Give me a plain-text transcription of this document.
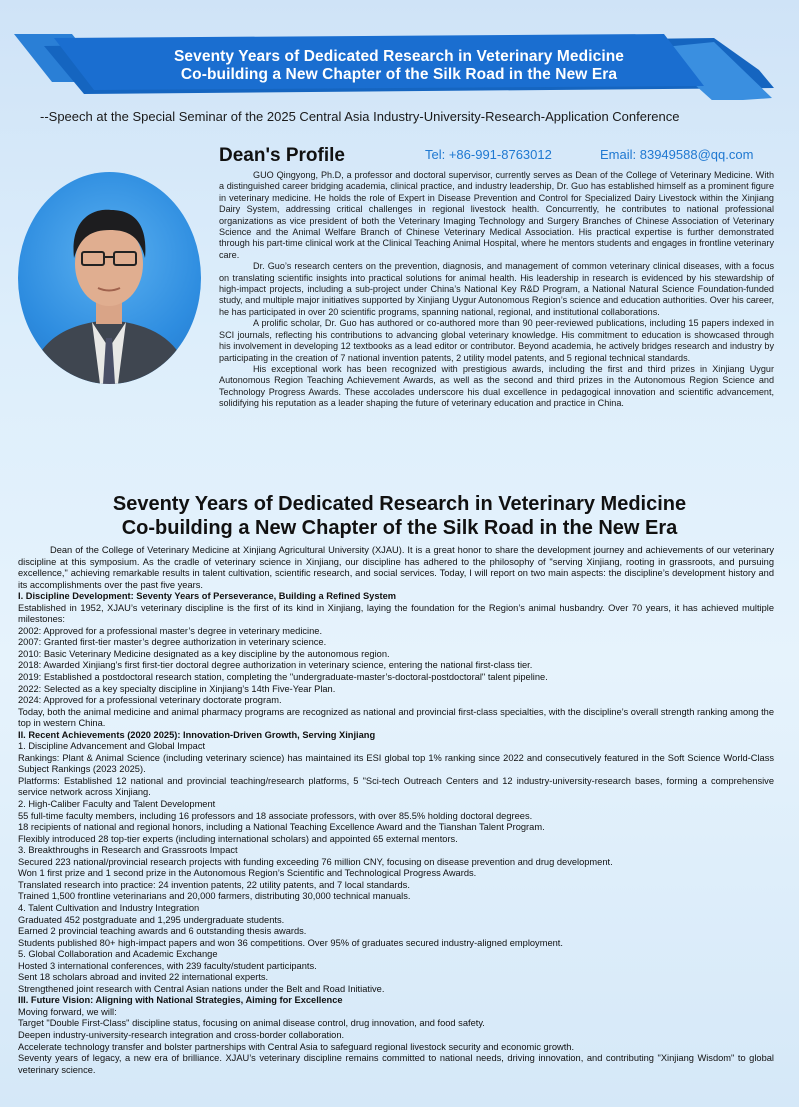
Seventy Years of Dedicated Research in Veterinary Medicine
Co-building a New Chapter of the Silk Road in the New Era
--Speech at the Special Seminar of the 2025 Central Asia Industry-University-Research-Application Conference
Dean's Profile	Tel: +86-991-8763012	Email: 83949588@qq.com

GUO Qingyong, Ph.D, a professor and doctoral supervisor, currently serves as Dean of the College of Veterinary Medicine. With a distinguished career bridging academia, clinical practice, and industry leadership, Dr. Guo has established himself as a prominent figure in veterinary medicine. He holds the role of Expert in Disease Prevention and Control for Specialized Dairy Livestock within the Xinjiang Dairy System, addressing critical challenges in regional livestock health. Concurrently, he contributes to national professional organizations as vice president of both the Veterinary Imaging Technology and Surgery Branches of Chinese Association of Veterinary Science and the Animal Welfare Branch of Chinese Veterinary Medical Association. His practical expertise is further demonstrated through his part-time clinical work at the Clinical Teaching Animal Hospital, where he mentors students and engages in frontline veterinary care.

Dr. Guo’s research centers on the prevention, diagnosis, and management of common veterinary clinical diseases, with a focus on translating scientific insights into practical solutions for animal health. His leadership in research is evidenced by his stewardship of high-impact projects, including a sub-project under China’s National Key R&D Program, a National Natural Science Foundation-funded study, and multiple major initiatives supported by Xinjiang Uygur Autonomous Region’s science and education authorities. Over his career, he has participated in over 20 scientific programs, spanning national, regional, and institutional collaborations.

A prolific scholar, Dr. Guo has authored or co-authored more than 90 peer-reviewed publications, including 15 papers indexed in SCI journals, reflecting his contributions to advancing global veterinary knowledge. His commitment to education is showcased through his involvement in developing 12 textbooks as a lead editor or contributor. Beyond academia, he actively bridges research and industry by participating in the creation of 7 national invention patents, 2 utility model patents, and 5 regional technical standards.

His exceptional work has been recognized with prestigious awards, including the first and third prizes in Xinjiang Uygur Autonomous Region Teaching Achievement Awards, as well as the second and third prizes in the Autonomous Region Science and Technology Progress Awards. These accolades underscore his dual excellence in pedagogical innovation and scientific advancement, solidifying his reputation as a leader shaping the future of veterinary education and practice in China.

Seventy Years of Dedicated Research in Veterinary Medicine
Co-building a New Chapter of the Silk Road in the New Era

Dean of the College of Veterinary Medicine at Xinjiang Agricultural University (XJAU). It is a great honor to share the development journey and achievements of our veterinary discipline at this symposium. As the cradle of veterinary science in Xinjiang, our discipline has adhered to the philosophy of "serving Xinjiang, rooting in grassroots, and pursuing excellence," achieving remarkable results in talent cultivation, scientific research, and social services. Today, I will report on two main aspects: the discipline’s development history and its accomplishments over the past five years.

I. Discipline Development: Seventy Years of Perseverance, Building a Refined System

Established in 1952, XJAU’s veterinary discipline is the first of its kind in Xinjiang, laying the foundation for the Region’s animal husbandry. Over 70 years, it has achieved multiple milestones:

2002: Approved for a professional master’s degree in veterinary medicine.

2007: Granted first-tier master’s degree authorization in veterinary science.

2010: Basic Veterinary Medicine designated as a key discipline by the autonomous region.

2018: Awarded Xinjiang’s first first-tier doctoral degree authorization in veterinary science, entering the national first-class tier.

2019: Established a postdoctoral research station, completing the "undergraduate-master’s-doctoral-postdoctoral" talent pipeline.

2022: Selected as a key specialty discipline in Xinjiang’s 14th Five-Year Plan.

2024: Approved for a professional veterinary doctorate program.

Today, both the animal medicine and animal pharmacy programs are recognized as national and provincial first-class specialties, with the discipline’s overall strength ranking among the top in western China.

II. Recent Achievements (2020 2025): Innovation-Driven Growth, Serving Xinjiang

1. Discipline Advancement and Global Impact

Rankings: Plant & Animal Science (including veterinary science) has maintained its ESI global top 1% ranking since 2022 and consecutively featured in the Soft Science World-Class Subject Rankings (2023 2025).

Platforms: Established 12 national and provincial teaching/research platforms, 5 "Sci-tech Outreach Centers and 12 industry-university-research bases, forming a comprehensive service network across Xinjiang.

2. High-Caliber Faculty and Talent Development

55 full-time faculty members, including 16 professors and 18 associate professors, with over 85.5% holding doctoral degrees.

18 recipients of national and regional honors, including a National Teaching Excellence Award and the Tianshan Talent Program.

Flexibly introduced 28 top-tier experts (including international scholars) and appointed 65 external mentors.

3. Breakthroughs in Research and Grassroots Impact

Secured 223 national/provincial research projects with funding exceeding 76 million CNY, focusing on disease prevention and drug development.

Won 1 first prize and 1 second prize in the Autonomous Region’s Scientific and Technological Progress Awards.

Translated research into practice: 24 invention patents, 22 utility patents, and 7 local standards.

Trained 1,500 frontline veterinarians and 20,000 farmers, distributing 30,000 technical manuals.

4. Talent Cultivation and Industry Integration

Graduated 452 postgraduate and 1,295 undergraduate students.

Earned 2 provincial teaching awards and 6 outstanding thesis awards.

Students published 80+ high-impact papers and won 36 competitions. Over 95% of graduates secured industry-aligned employment.

5. Global Collaboration and Academic Exchange

Hosted 3 international conferences, with 239 faculty/student participants.

Sent 18 scholars abroad and invited 22 international experts.

Strengthened joint research with Central Asian nations under the Belt and Road Initiative.

III. Future Vision: Aligning with National Strategies, Aiming for Excellence

Moving forward, we will:

Target "Double First-Class" discipline status, focusing on animal disease control, drug innovation, and food safety.

Deepen industry-university-research integration and cross-border collaboration.

Accelerate technology transfer and bolster partnerships with Central Asia to safeguard regional livestock security and economic growth.

Seventy years of legacy, a new era of brilliance. XJAU’s veterinary discipline remains committed to national needs, driving innovation, and contributing "Xinjiang Wisdom" to global veterinary science.
